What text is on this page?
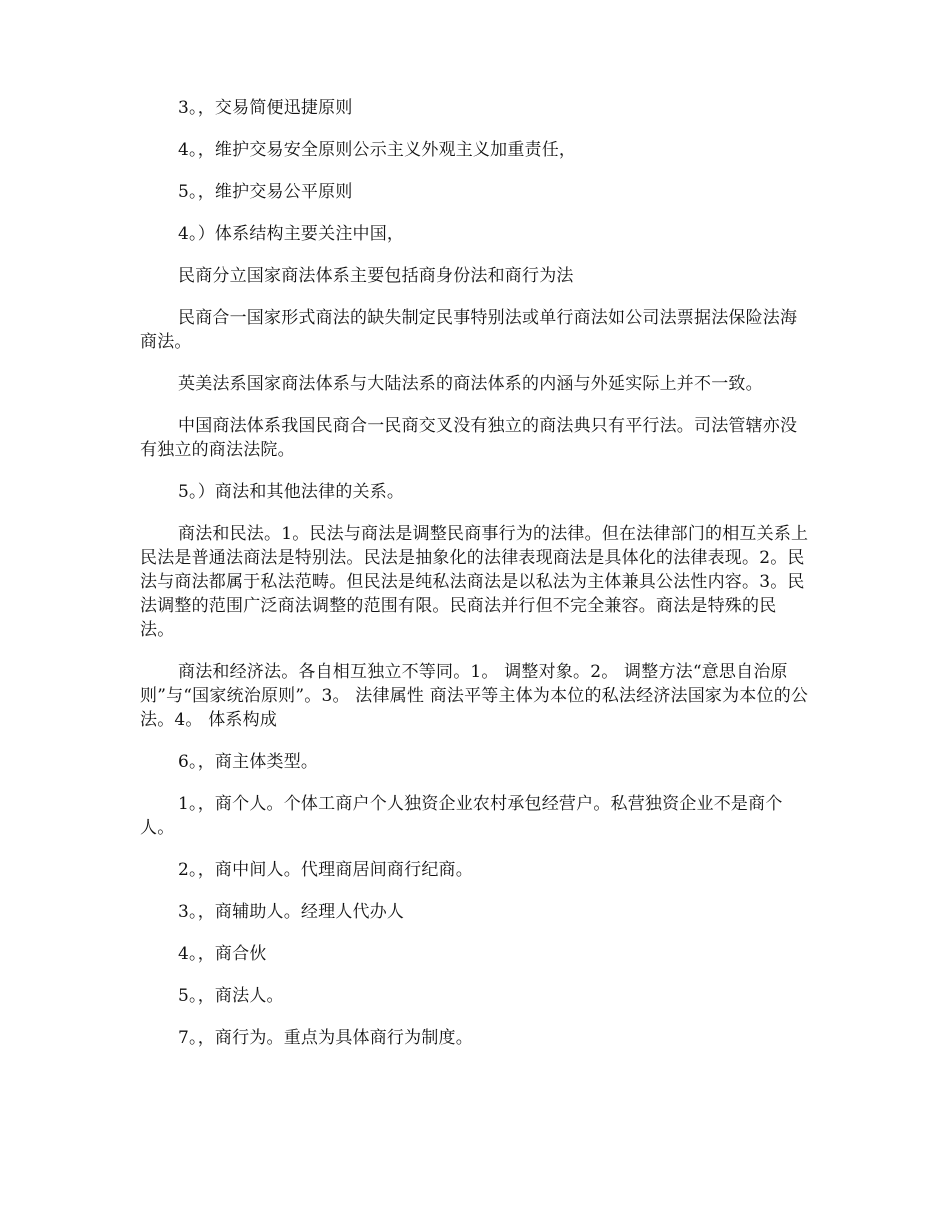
3。，交易简便迅捷原则

4。，维护交易安全原则公示主义外观主义加重责任，

5。，维护交易公平原则

4。）体系结构主要关注中国，

民商分立国家商法体系主要包括商身份法和商行为法

民商合一国家形式商法的缺失制定民事特别法或单行商法如公司法票据法保险法海商法。

英美法系国家商法体系与大陆法系的商法体系的内涵与外延实际上并不一致。

中国商法体系我国民商合一民商交叉没有独立的商法典只有平行法。司法管辖亦没有独立的商法法院。

5。）商法和其他法律的关系。

商法和民法。1。民法与商法是调整民商事行为的法律。但在法律部门的相互关系上民法是普通法商法是特别法。民法是抽象化的法律表现商法是具体化的法律表现。2。民法与商法都属于私法范畴。但民法是纯私法商法是以私法为主体兼具公法性内容。3。民法调整的范围广泛商法调整的范围有限。民商法并行但不完全兼容。商法是特殊的民法。

商法和经济法。各自相互独立不等同。1。 调整对象。2。 调整方法“意思自治原则”与“国家统治原则”。3。 法律属性 商法平等主体为本位的私法经济法国家为本位的公法。4。 体系构成

6。，商主体类型。

1。，商个人。个体工商户个人独资企业农村承包经营户。私营独资企业不是商个人。

2。，商中间人。代理商居间商行纪商。

3。，商辅助人。经理人代办人

4。，商合伙

5。，商法人。

7。，商行为。重点为具体商行为制度。
